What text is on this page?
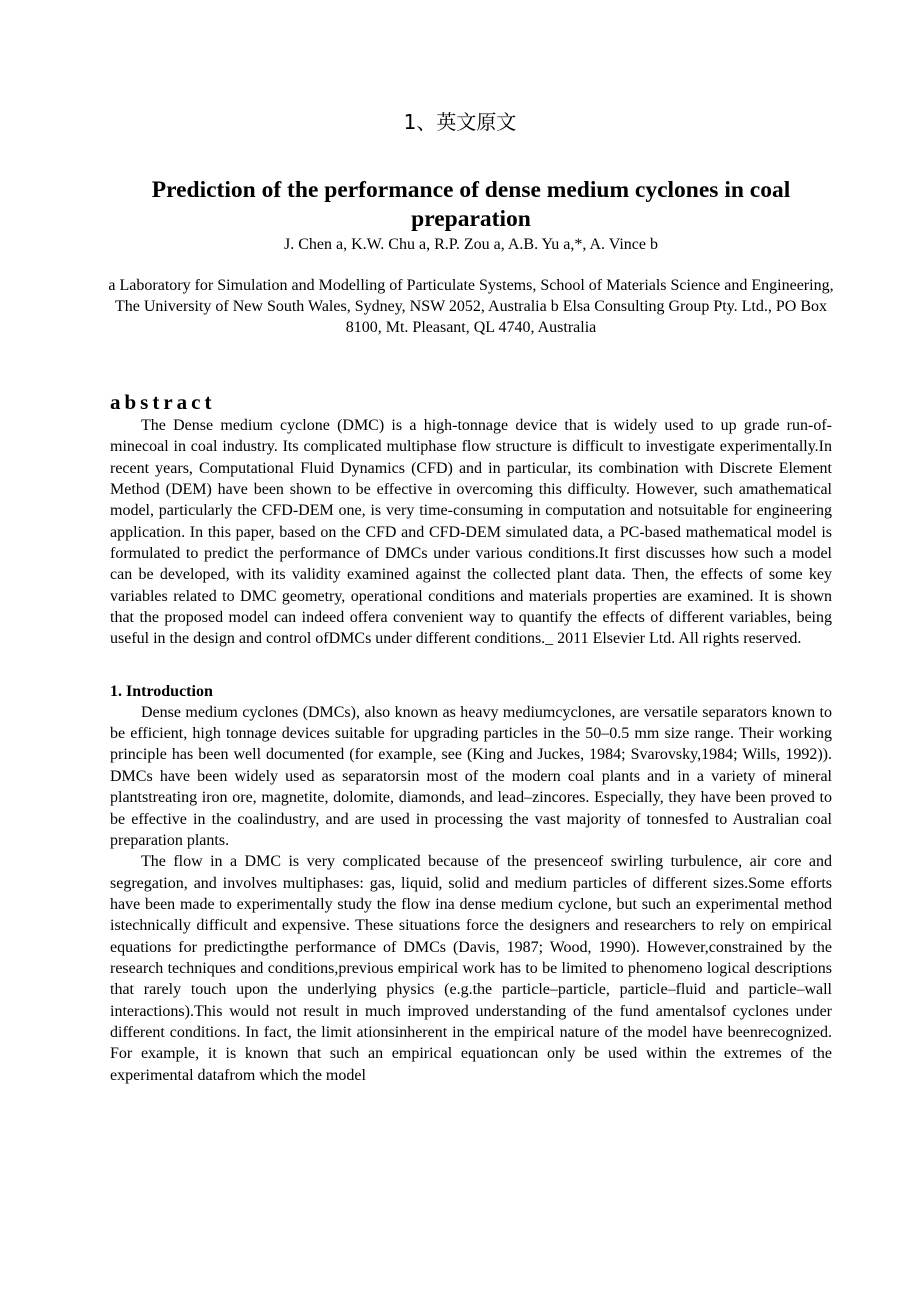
1、英文原文
Prediction of the performance of dense medium cyclones in coal preparation
J. Chen a, K.W. Chu a, R.P. Zou a, A.B. Yu a,*, A. Vince b
a Laboratory for Simulation and Modelling of Particulate Systems, School of Materials Science and Engineering, The University of New South Wales, Sydney, NSW 2052, Australia b Elsa Consulting Group Pty. Ltd., PO Box 8100, Mt. Pleasant, QL 4740, Australia
abstract

The Dense medium cyclone (DMC) is a high-tonnage device that is widely used to up grade run-of-minecoal in coal industry. Its complicated multiphase flow structure is difficult to investigate experimentally.In recent years, Computational Fluid Dynamics (CFD) and in particular, its combination with Discrete Element Method (DEM) have been shown to be effective in overcoming this difficulty. However, such amathematical model, particularly the CFD-DEM one, is very time-consuming in computation and notsuitable for engineering application. In this paper, based on the CFD and CFD-DEM simulated data, a PC-based mathematical model is formulated to predict the performance of DMCs under various conditions.It first discusses how such a model can be developed, with its validity examined against the collected plant data. Then, the effects of some key variables related to DMC geometry, operational conditions and materials properties are examined. It is shown that the proposed model can indeed offera convenient way to quantify the effects of different variables, being useful in the design and control ofDMCs under different conditions._ 2011 Elsevier Ltd. All rights reserved.

1. Introduction

Dense medium cyclones (DMCs), also known as heavy mediumcyclones, are versatile separators known to be efficient, high tonnage devices suitable for upgrading particles in the 50–0.5 mm size range. Their working principle has been well documented (for example, see (King and Juckes, 1984; Svarovsky,1984; Wills, 1992)). DMCs have been widely used as separatorsin most of the modern coal plants and in a variety of mineral plantstreating iron ore, magnetite, dolomite, diamonds, and lead–zincores. Especially, they have been proved to be effective in the coalindustry, and are used in processing the vast majority of tonnesfed to Australian coal preparation plants.

The flow in a DMC is very complicated because of the presenceof swirling turbulence, air core and segregation, and involves multiphases: gas, liquid, solid and medium particles of different sizes.Some efforts have been made to experimentally study the flow ina dense medium cyclone, but such an experimental method istechnically difficult and expensive. These situations force the designers and researchers to rely on empirical equations for predictingthe performance of DMCs (Davis, 1987; Wood, 1990). However,constrained by the research techniques and conditions,previous empirical work has to be limited to phenomeno logical descriptions that rarely touch upon the underlying physics (e.g.the particle–particle, particle–fluid and particle–wall interactions).This would not result in much improved understanding of the fund amentalsof cyclones under different conditions. In fact, the limit ationsinherent in the empirical nature of the model have beenrecognized. For example, it is known that such an empirical equationcan only be used within the extremes of the experimental datafrom which the model
